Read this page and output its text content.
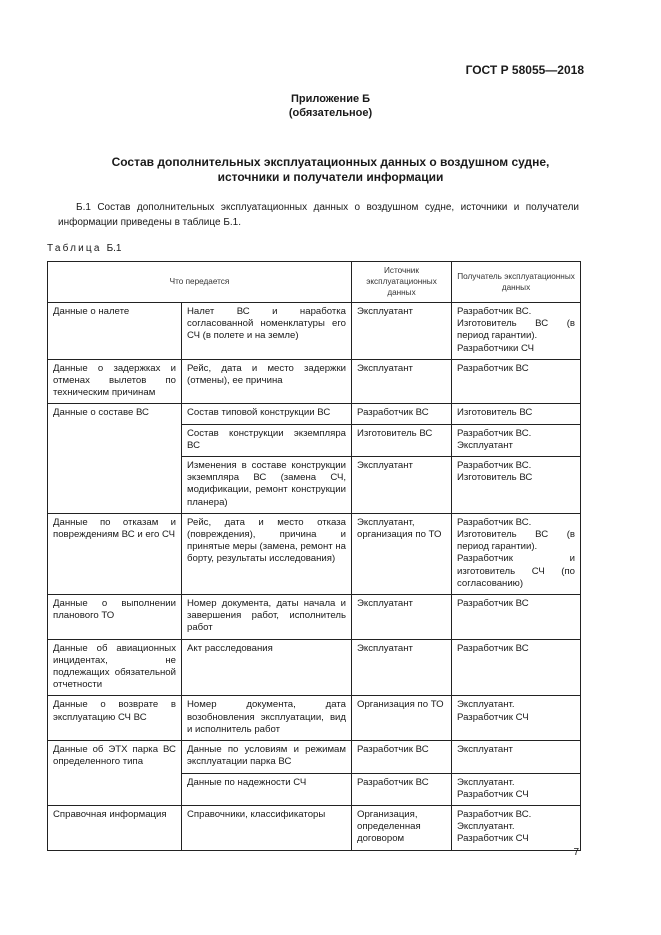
ГОСТ Р 58055—2018
Приложение Б
(обязательное)
Состав дополнительных эксплуатационных данных о воздушном судне,
источники и получатели информации
Б.1 Состав дополнительных эксплуатационных данных о воздушном судне, источники и получатели информации приведены в таблице Б.1.
Таблица Б.1
Что передается		Источник эксплуатационных данных	Получатель эксплуатационных данных
Данные о налете	Налет ВС и наработка согласованной номенклатуры его СЧ (в полете и на земле)	Эксплуатант	Разработчик ВС.
Изготовитель ВС (в период гарантии).
Разработчики СЧ
Данные о задержках и отменах вылетов по техническим причинам	Рейс, дата и место задержки (отмены), ее причина	Эксплуатант	Разработчик ВС
Данные о составе ВС	Состав типовой конструкции ВС	Разработчик ВС	Изготовитель ВС
	Состав конструкции экземпляра ВС	Изготовитель ВС	Разработчик ВС.
Эксплуатант
	Изменения в составе конструкции экземпляра ВС (замена СЧ, модификации, ремонт конструкции планера)	Эксплуатант	Разработчик ВС.
Изготовитель ВС
Данные по отказам и повреждениям ВС и его СЧ	Рейс, дата и место отказа (повреждения), причина и принятые меры (замена, ремонт на борту, результаты исследования)	Эксплуатант, организация по ТО	Разработчик ВС.
Изготовитель ВС (в период гарантии).
Разработчик и изготовитель СЧ (по согласованию)
Данные о выполнении планового ТО	Номер документа, даты начала и завершения работ, исполнитель работ	Эксплуатант	Разработчик ВС
Данные об авиационных инцидентах, не подлежащих обязательной отчетности	Акт расследования	Эксплуатант	Разработчик ВС
Данные о возврате в эксплуатацию СЧ ВС	Номер документа, дата возобновления эксплуатации, вид и исполнитель работ	Организация по ТО	Эксплуатант.
Разработчик СЧ
Данные об ЭТХ парка ВС определенного типа	Данные по условиям и режимам эксплуатации парка ВС	Разработчик ВС	Эксплуатант
	Данные по надежности СЧ	Разработчик ВС	Эксплуатант.
Разработчик СЧ
Справочная информация	Справочники, классификаторы	Организация, определенная договором	Разработчик ВС.
Эксплуатант.
Разработчик СЧ
7
